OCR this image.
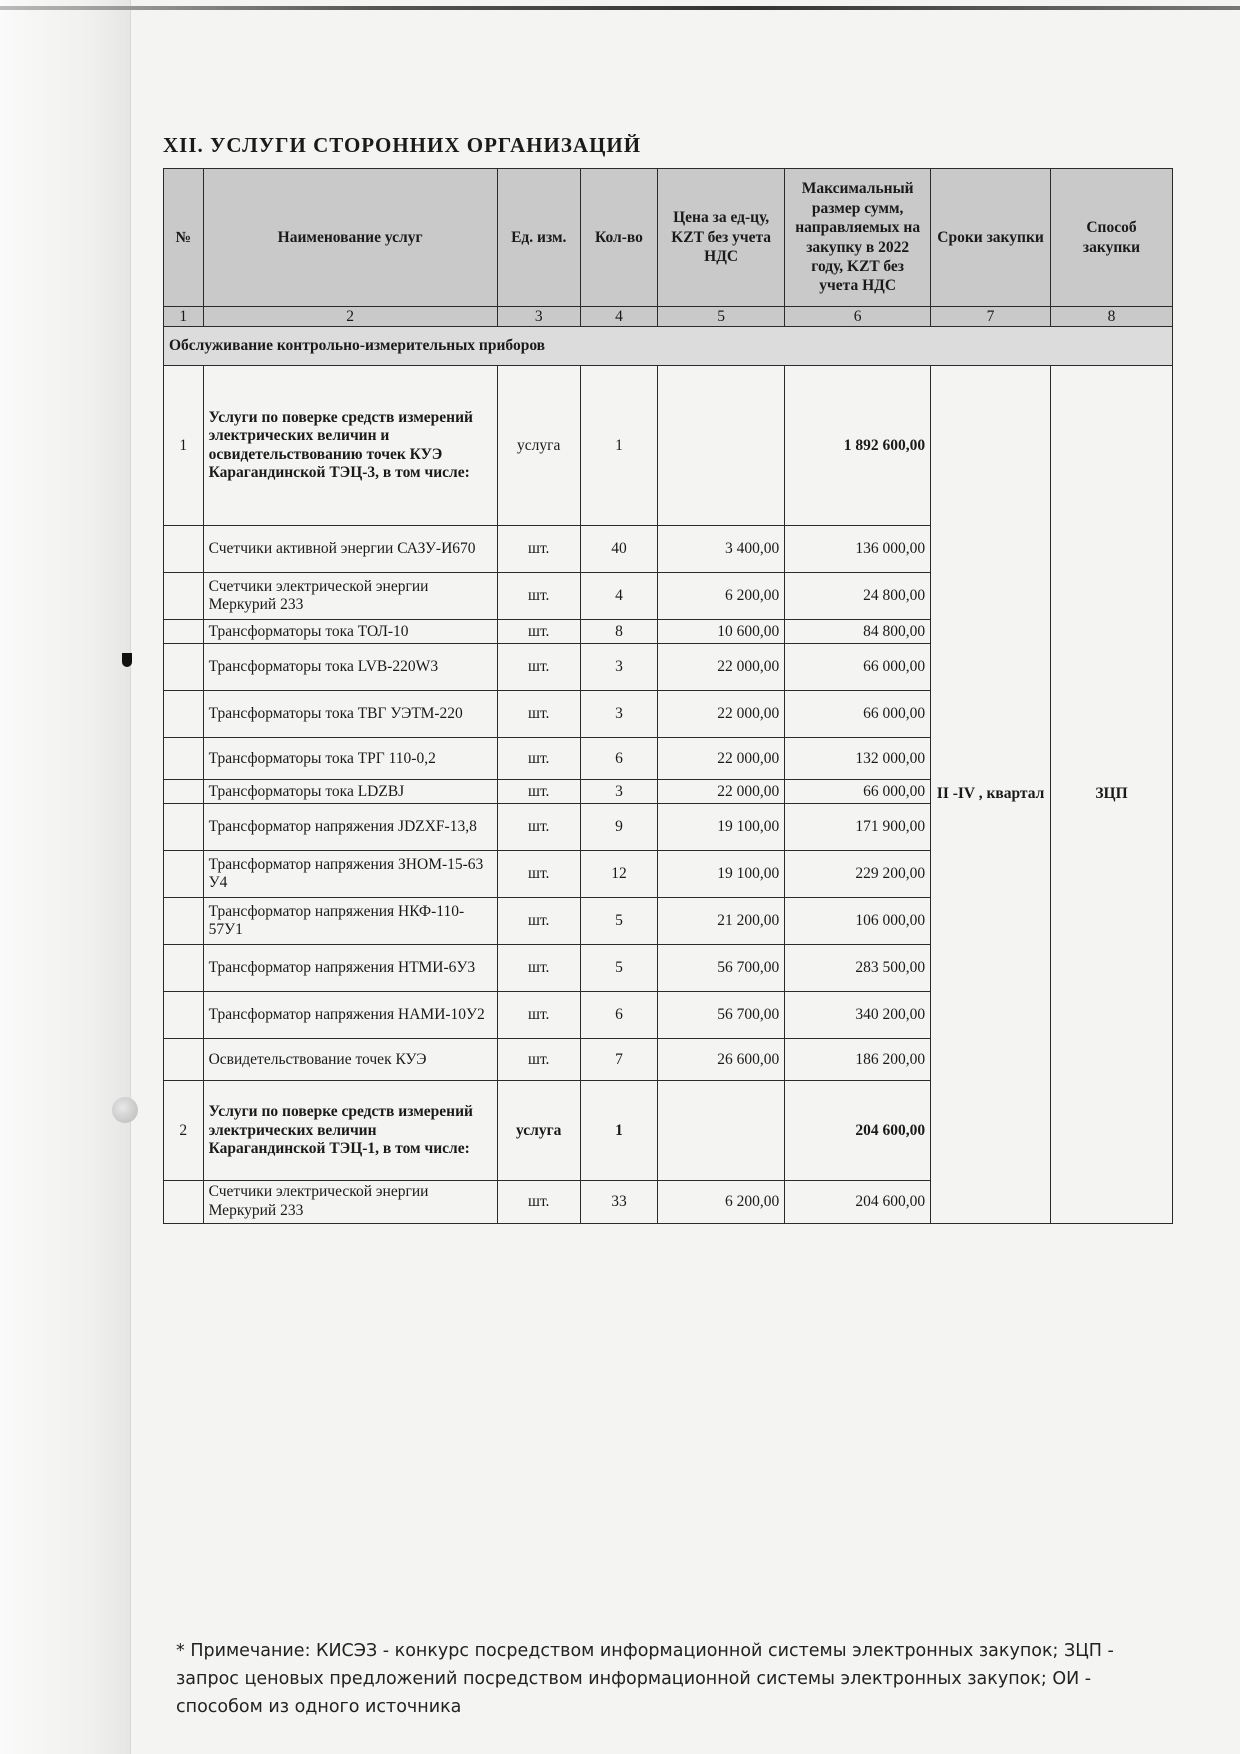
XII. УСЛУГИ СТОРОННИХ ОРГАНИЗАЦИЙ
№	Наименование услуг	Ед. изм.	Кол-во	Цена за ед-цу, KZT без учета НДС	Максимальный размер сумм, направляемых на закупку в 2022 году, KZT без учета НДС	Сроки закупки	Способ закупки
1	2	3	4	5	6	7	8
Обслуживание контрольно-измерительных приборов							
1	Услуги по поверке средств измерений электрических величин и освидетельствованию точек КУЭ Карагандинской ТЭЦ-3, в том числе:	услуга	1		1 892 600,00	II -IV , квартал	ЗЦП
	Счетчики активной энергии САЗУ-И670	шт.	40	3 400,00	136 000,00		
	Счетчики электрической энергии Меркурий 233	шт.	4	6 200,00	24 800,00		
	Трансформаторы тока ТОЛ-10	шт.	8	10 600,00	84 800,00		
	Трансформаторы тока LVB-220W3	шт.	3	22 000,00	66 000,00		
	Трансформаторы тока ТВГ УЭТМ-220	шт.	3	22 000,00	66 000,00		
	Трансформаторы тока ТРГ 110-0,2	шт.	6	22 000,00	132 000,00		
	Трансформаторы тока LDZBJ	шт.	3	22 000,00	66 000,00		
	Трансформатор напряжения JDZXF-13,8	шт.	9	19 100,00	171 900,00		
	Трансформатор напряжения ЗНОМ-15-63 У4	шт.	12	19 100,00	229 200,00		
	Трансформатор напряжения НКФ-110-57У1	шт.	5	21 200,00	106 000,00		
	Трансформатор напряжения НТМИ-6У3	шт.	5	56 700,00	283 500,00		
	Трансформатор напряжения НАМИ-10У2	шт.	6	56 700,00	340 200,00		
	Освидетельствование точек КУЭ	шт.	7	26 600,00	186 200,00		
2	Услуги по поверке средств измерений электрических величин Карагандинской ТЭЦ-1, в том числе:	услуга	1		204 600,00		
	Счетчики электрической энергии Меркурий 233	шт.	33	6 200,00	204 600,00		

* Примечание: КИСЭЗ - конкурс посредством информационной системы электронных закупок; ЗЦП - запрос ценовых предложений посредством информационной системы электронных закупок; ОИ - способом из одного источника
